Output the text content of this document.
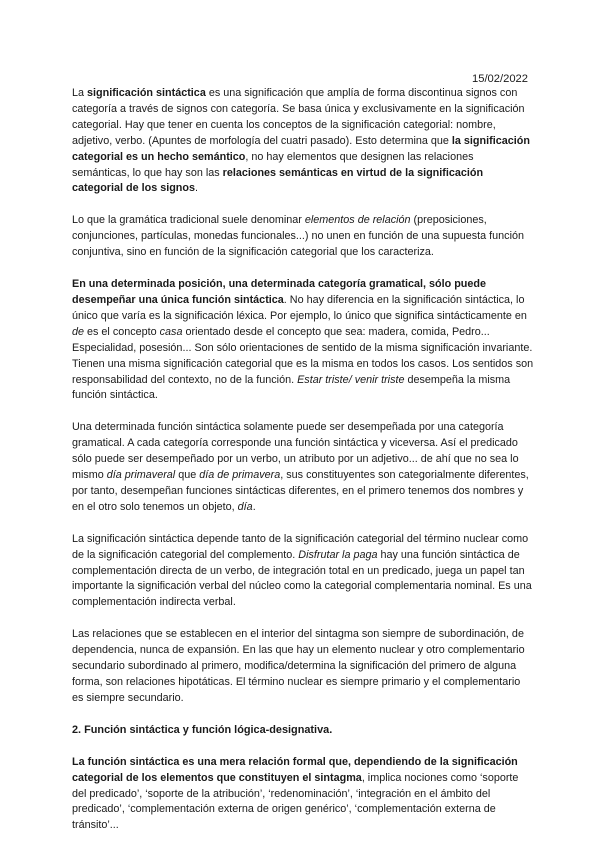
15/02/2022

La significación sintáctica es una significación que amplía de forma discontinua signos con categoría a través de signos con categoría. Se basa única y exclusivamente en la significación categorial. Hay que tener en cuenta los conceptos de la significación categorial: nombre, adjetivo, verbo. (Apuntes de morfología del cuatri pasado). Esto determina que la significación categorial es un hecho semántico, no hay elementos que designen las relaciones semánticas, lo que hay son las relaciones semánticas en virtud de la significación categorial de los signos.

Lo que la gramática tradicional suele denominar elementos de relación (preposiciones, conjunciones, partículas, monedas funcionales...) no unen en función de una supuesta función conjuntiva, sino en función de la significación categorial que los caracteriza.

En una determinada posición, una determinada categoría gramatical, sólo puede desempeñar una única función sintáctica. No hay diferencia en la significación sintáctica, lo único que varía es la significación léxica. Por ejemplo, lo único que significa sintácticamente en de es el concepto casa orientado desde el concepto que sea: madera, comida, Pedro... Especialidad, posesión... Son sólo orientaciones de sentido de la misma significación invariante. Tienen una misma significación categorial que es la misma en todos los casos. Los sentidos son responsabilidad del contexto, no de la función. Estar triste/ venir triste desempeña la misma función sintáctica.

Una determinada función sintáctica solamente puede ser desempeñada por una categoría gramatical. A cada categoría corresponde una función sintáctica y viceversa. Así el predicado sólo puede ser desempeñado por un verbo, un atributo por un adjetivo... de ahí que no sea lo mismo día primaveral que día de primavera, sus constituyentes son categorialmente diferentes, por tanto, desempeñan funciones sintácticas diferentes, en el primero tenemos dos nombres y en el otro solo tenemos un objeto, día.

La significación sintáctica depende tanto de la significación categorial del término nuclear como de la significación categorial del complemento. Disfrutar la paga hay una función sintáctica de complementación directa de un verbo, de integración total en un predicado, juega un papel tan importante la significación verbal del núcleo como la categorial complementaria nominal. Es una complementación indirecta verbal.

Las relaciones que se establecen en el interior del sintagma son siempre de subordinación, de dependencia, nunca de expansión. En las que hay un elemento nuclear y otro complementario secundario subordinado al primero, modifica/determina la significación del primero de alguna forma, son relaciones hipotáticas. El término nuclear es siempre primario y el complementario es siempre secundario.

2. Función sintáctica y función lógica-designativa.

La función sintáctica es una mera relación formal que, dependiendo de la significación categorial de los elementos que constituyen el sintagma, implica nociones como ‘soporte del predicado’, ‘soporte de la atribución’, ‘redenominación’, ‘integración en el ámbito del predicado’, ‘complementación externa de origen genérico’, ‘complementación externa de tránsito’...
